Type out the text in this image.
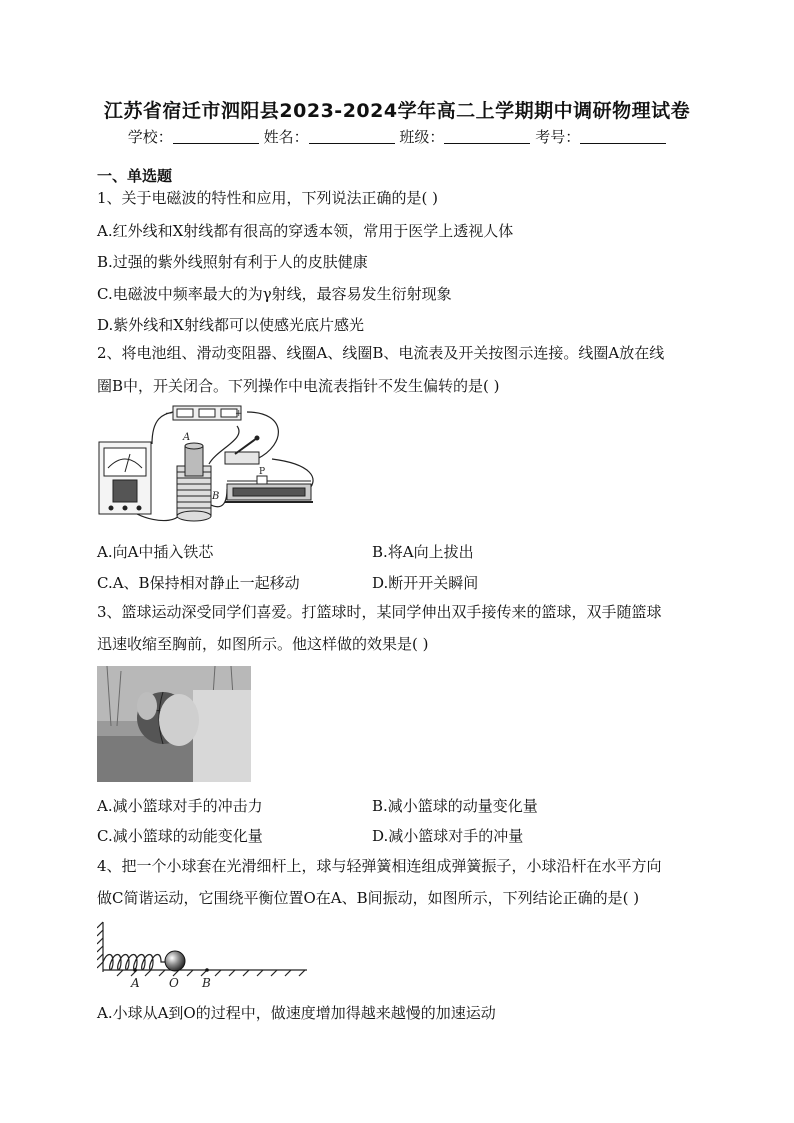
江苏省宿迁市泗阳县2023-2024学年高二上学期期中调研物理试卷
学校：	姓名：	班级：	考号：
一、单选题
1、关于电磁波的特性和应用，下列说法正确的是( )
A.红外线和X射线都有很高的穿透本领，常用于医学上透视人体
B.过强的紫外线照射有利于人的皮肤健康
C.电磁波中频率最大的为γ射线，最容易发生衍射现象
D.紫外线和X射线都可以使感光底片感光
2、将电池组、滑动变阻器、线圈A、线圈B、电流表及开关按图示连接。线圈A放在线
圈B中，开关闭合。下列操作中电流表指针不发生偏转的是( )
−	+
A
B
P
A.向A中插入铁芯	B.将A向上拔出
C.A、B保持相对静止一起移动	D.断开开关瞬间
3、篮球运动深受同学们喜爱。打篮球时，某同学伸出双手接传来的篮球，双手随篮球
迅速收缩至胸前，如图所示。他这样做的效果是( )
A.减小篮球对手的冲击力	B.减小篮球的动量变化量
C.减小篮球的动能变化量	D.减小篮球对手的冲量
4、把一个小球套在光滑细杆上，球与轻弹簧相连组成弹簧振子，小球沿杆在水平方向
做C简谐运动，它围绕平衡位置O在A、B间振动，如图所示，下列结论正确的是( )
A O B
A.小球从A到O的过程中，做速度增加得越来越慢的加速运动
